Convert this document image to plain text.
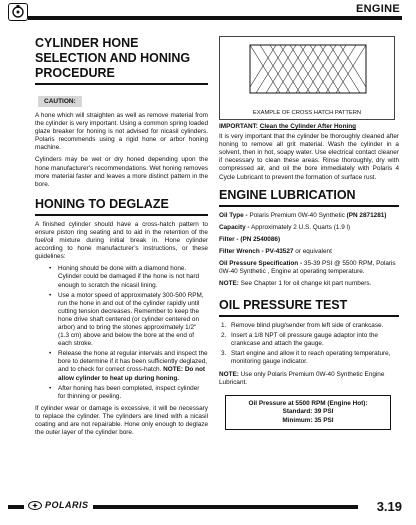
ENGINE
CYLINDER HONE SELECTION AND HONING PROCEDURE
CAUTION:

A hone which will straighten as well as remove material from the cylinder is very important. Using a common spring loaded glaze breaker for honing is not advised for nicasil cylinders. Polaris recommends using a rigid hone or arbor honing machine.

Cylinders may be wet or dry honed depending upon the hone manufacturer’s recommendations. Wet honing removes more material faster and leaves a more distinct pattern in the bore.

HONING TO DEGLAZE

A finished cylinder should have a cross-hatch pattern to ensure piston ring seating and to aid in the retention of the fuel/oil mixture during initial break in. Hone cylinder according to hone manufacturer’s instructions, or these guidelines:

• Honing should be done with a diamond hone. Cylinder could be damaged if the hone is not hard enough to scratch the nicasil lining.
• Use a motor speed of approximately 300-500 RPM, run the hone in and out of the cylinder rapidly until cutting tension decreases. Remember to keep the hone drive shaft centered (or cylinder centered on arbor) and to bring the stones approximately 1/2" (1.3 cm) above and below the bore at the end of each stroke.
• Release the hone at regular intervals and inspect the bore to determine if it has been sufficiently deglazed, and to check for correct cross-hatch. NOTE: Do not allow cylinder to heat up during honing.
• After honing has been completed, inspect cylinder for thinning or peeling.

If cylinder wear or damage is excessive, it will be necessary to replace the cylinder. The cylinders are lined with a nicasil coating and are not repairable. Hone only enough to deglaze the outer layer of the cylinder bore.

EXAMPLE OF CROSS HATCH PATTERN

IMPORTANT: Clean the Cylinder After Honing

It is very important that the cylinder be thoroughly cleaned after honing to remove all grit material. Wash the cylinder in a solvent, then in hot, soapy water. Use electrical contact cleaner if necessary to clean these areas. Rinse thoroughly, dry with compressed air, and oil the bore immediately with Polaris 4 Cycle Lubricant to prevent the formation of surface rust.

ENGINE LUBRICATION
Oil Type - Polaris Premium 0W-40 Synthetic (PN 2871281)
Capacity - Approximately 2 U.S. Quarts (1.9 l)
Filter - (PN 2540086)
Filter Wrench - PV-43527 or equivalent
Oil Pressure Specification - 35-39 PSI @ 5500 RPM, Polaris 0W-40 Synthetic , Engine at operating temperature.
NOTE: See Chapter 1 for oil change kit part numbers.
OIL PRESSURE TEST
1. Remove blind plug/sender from left side of crankcase.
2. Insert a 1/8 NPT oil pressure gauge adaptor into the crankcase and attach the gauge.
3. Start engine and allow it to reach operating temperature, monitoring gauge indicator.
NOTE: Use only Polaris Premium 0W-40 Synthetic Engine Lubricant.
Oil Pressure at 5500 RPM (Engine Hot):
Standard: 39 PSI
Minimum: 35 PSI
POLARIS	3.19
